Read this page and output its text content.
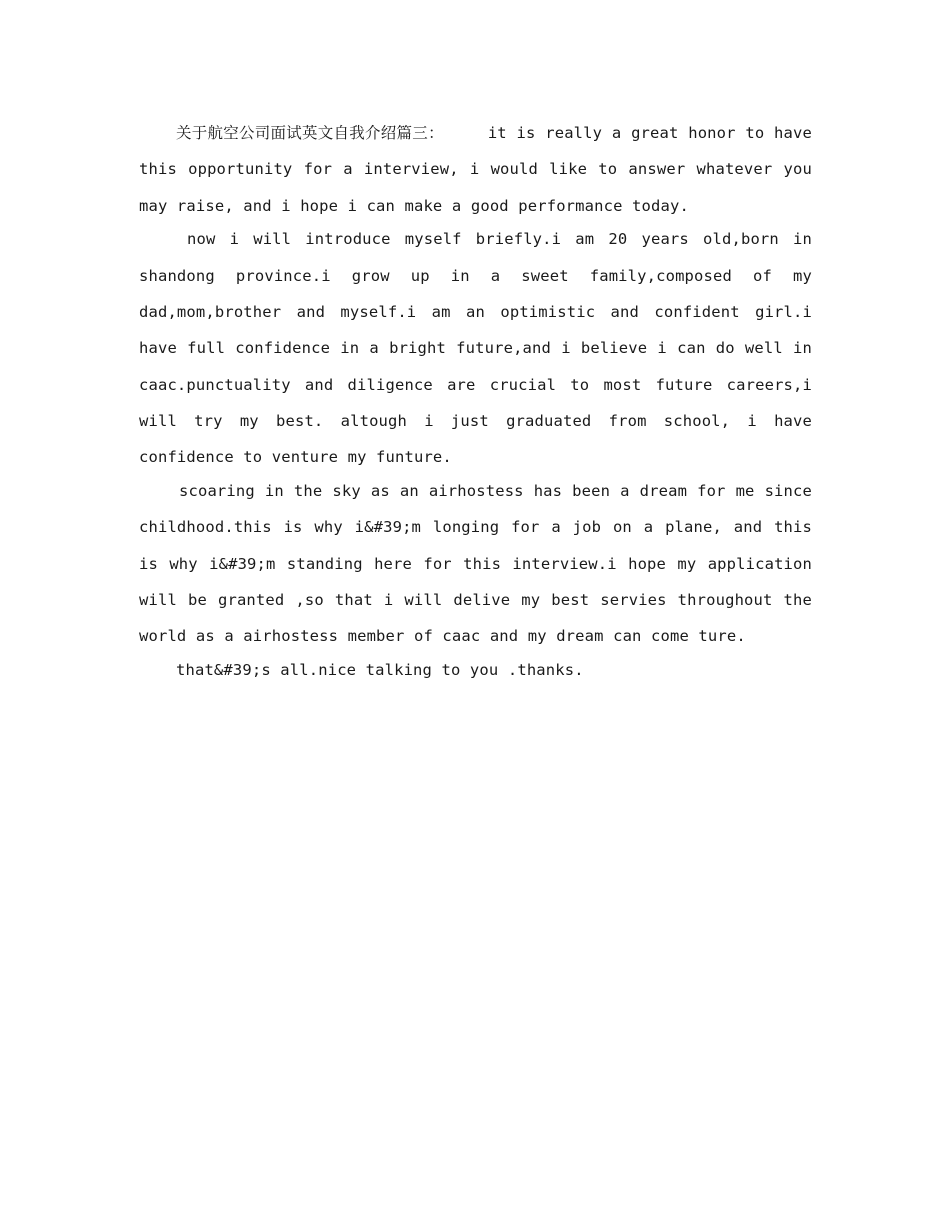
关于航空公司面试英文自我介绍篇三：	it is really a great honor to have this opportunity for a interview, i would like to answer whatever you may raise, and i hope i can make a good performance today.

now i will introduce myself briefly.i am 20 years old,born in shandong province.i grow up in a sweet family,composed of my dad,mom,brother and myself.i am an optimistic and confident girl.i have full confidence in a bright future,and i believe i can do well in caac.punctuality and diligence are crucial to most future careers,i will try my best. altough i just graduated from school, i have confidence to venture my funture.

scoaring in the sky as an airhostess has been a dream for me since childhood.this is why i&#39;m longing for a job on a plane, and this is why i&#39;m standing here for this interview.i hope my application will be granted ,so that i will delive my best servies throughout the world as a airhostess member of caac and my dream can come ture.

that&#39;s all.nice talking to you .thanks.
